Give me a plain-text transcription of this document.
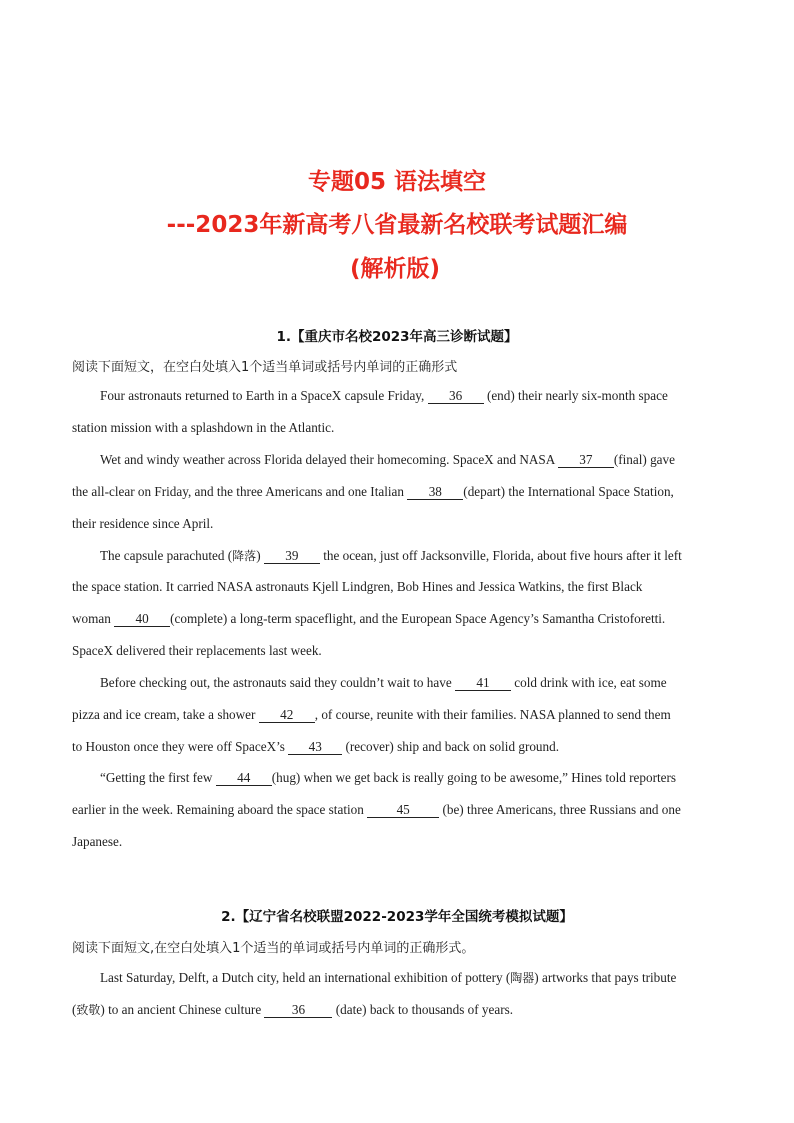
专题05 语法填空
---2023年新高考八省最新名校联考试题汇编
(解析版)
1.【重庆市名校2023年高三诊断试题】
阅读下面短文，在空白处填入1个适当单词或括号内单词的正确形式
Four astronauts returned to Earth in a SpaceX capsule Friday, 36 (end) their nearly six-month space
station mission with a splashdown in the Atlantic.
Wet and windy weather across Florida delayed their homecoming. SpaceX and NASA 37 (final) gave
the all-clear on Friday, and the three Americans and one Italian 38 (depart) the International Space Station,
their residence since April.
The capsule parachuted (降落) 39 the ocean, just off Jacksonville, Florida, about five hours after it left
the space station. It carried NASA astronauts Kjell Lindgren, Bob Hines and Jessica Watkins, the first Black
woman 40 (complete) a long-term spaceflight, and the European Space Agency’s Samantha Cristoforetti.
SpaceX delivered their replacements last week.
Before checking out, the astronauts said they couldn’t wait to have 41 cold drink with ice, eat some
pizza and ice cream, take a shower 42 , of course, reunite with their families. NASA planned to send them
to Houston once they were off SpaceX’s 43 (recover) ship and back on solid ground.
“Getting the first few 44 (hug) when we get back is really going to be awesome,” Hines told reporters
earlier in the week. Remaining aboard the space station 45 (be) three Americans, three Russians and one
Japanese.
2.【辽宁省名校联盟2022-2023学年全国统考模拟试题】
阅读下面短文,在空白处填入1个适当的单词或括号内单词的正确形式。
Last Saturday, Delft, a Dutch city, held an international exhibition of pottery (陶器) artworks that pays tribute
(致敬) to an ancient Chinese culture 36 (date) back to thousands of years.
